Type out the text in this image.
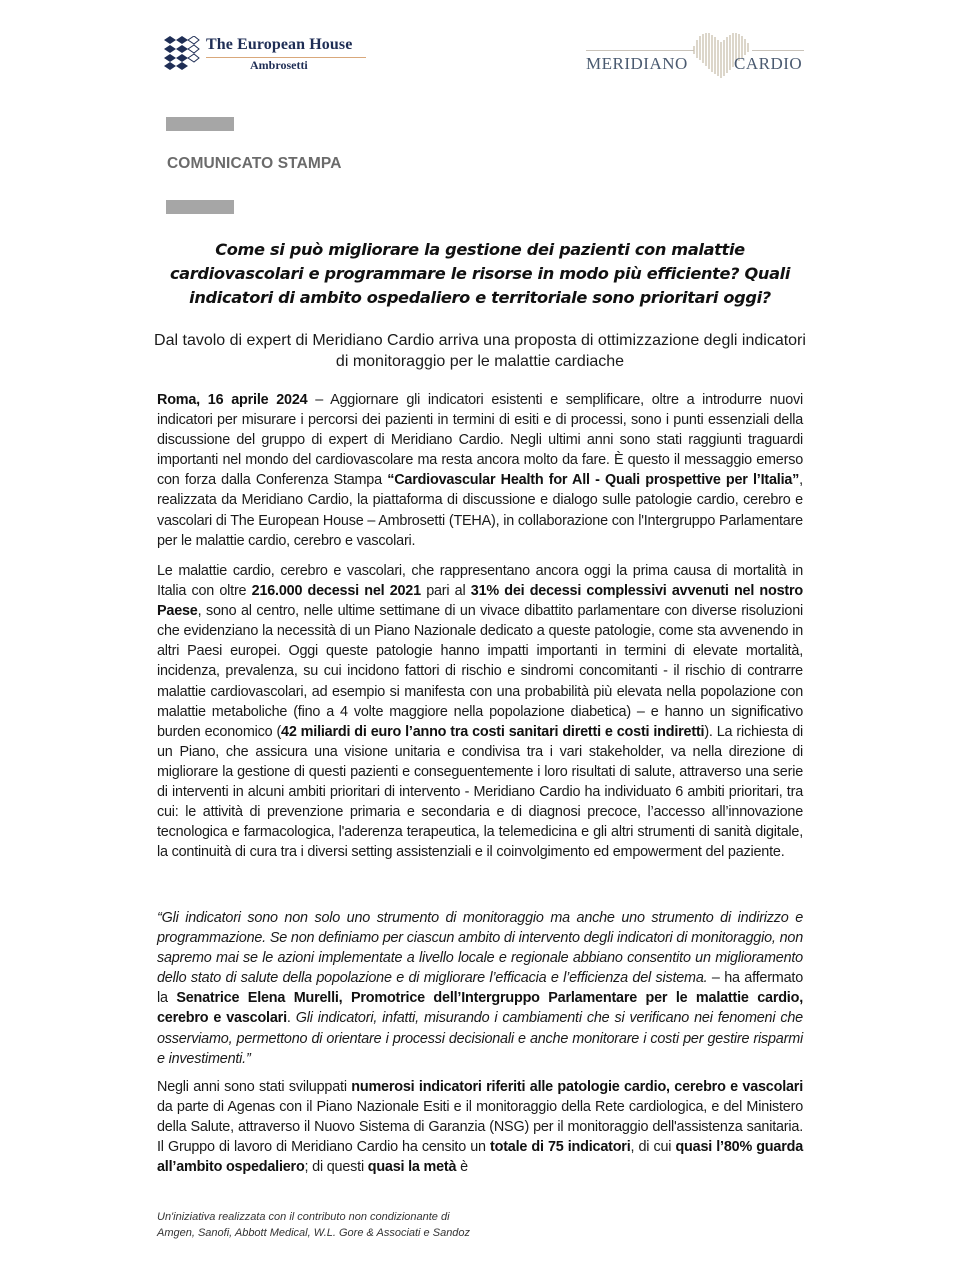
The European House
Ambrosetti	MERIDIANO	CARDIO
COMUNICATO STAMPA
Come si può migliorare la gestione dei pazienti con malattie cardiovascolari e programmare le risorse in modo più efficiente? Quali indicatori di ambito ospedaliero e territoriale sono prioritari oggi?
Dal tavolo di expert di Meridiano Cardio arriva una proposta di ottimizzazione degli indicatori di monitoraggio per le malattie cardiache
Roma, 16 aprile 2024 – Aggiornare gli indicatori esistenti e semplificare, oltre a introdurre nuovi indicatori per misurare i percorsi dei pazienti in termini di esiti e di processi, sono i punti essenziali della discussione del gruppo di expert di Meridiano Cardio. Negli ultimi anni sono stati raggiunti traguardi importanti nel mondo del cardiovascolare ma resta ancora molto da fare. È questo il messaggio emerso con forza dalla Conferenza Stampa “Cardiovascular Health for All - Quali prospettive per l’Italia”, realizzata da Meridiano Cardio, la piattaforma di discussione e dialogo sulle patologie cardio, cerebro e vascolari di The European House – Ambrosetti (TEHA), in collaborazione con l'Intergruppo Parlamentare per le malattie cardio, cerebro e vascolari.
Le malattie cardio, cerebro e vascolari, che rappresentano ancora oggi la prima causa di mortalità in Italia con oltre 216.000 decessi nel 2021 pari al 31% dei decessi complessivi avvenuti nel nostro Paese, sono al centro, nelle ultime settimane di un vivace dibattito parlamentare con diverse risoluzioni che evidenziano la necessità di un Piano Nazionale dedicato a queste patologie, come sta avvenendo in altri Paesi europei. Oggi queste patologie hanno impatti importanti in termini di elevate mortalità, incidenza, prevalenza, su cui incidono fattori di rischio e sindromi concomitanti - il rischio di contrarre malattie cardiovascolari, ad esempio si manifesta con una probabilità più elevata nella popolazione con malattie metaboliche (fino a 4 volte maggiore nella popolazione diabetica) – e hanno un significativo burden economico (42 miliardi di euro l’anno tra costi sanitari diretti e costi indiretti). La richiesta di un Piano, che assicura una visione unitaria e condivisa tra i vari stakeholder, va nella direzione di migliorare la gestione di questi pazienti e conseguentemente i loro risultati di salute, attraverso una serie di interventi in alcuni ambiti prioritari di intervento - Meridiano Cardio ha individuato 6 ambiti prioritari, tra cui: le attività di prevenzione primaria e secondaria e di diagnosi precoce, l’accesso all’innovazione tecnologica e farmacologica, l'aderenza terapeutica, la telemedicina e gli altri strumenti di sanità digitale, la continuità di cura tra i diversi setting assistenziali e il coinvolgimento ed empowerment del paziente.
“Gli indicatori sono non solo uno strumento di monitoraggio ma anche uno strumento di indirizzo e programmazione. Se non definiamo per ciascun ambito di intervento degli indicatori di monitoraggio, non sapremo mai se le azioni implementate a livello locale e regionale abbiano consentito un miglioramento dello stato di salute della popolazione e di migliorare l’efficacia e l’efficienza del sistema. – ha affermato la Senatrice Elena Murelli, Promotrice dell’Intergruppo Parlamentare per le malattie cardio, cerebro e vascolari. Gli indicatori, infatti, misurando i cambiamenti che si verificano nei fenomeni che osserviamo, permettono di orientare i processi decisionali e anche monitorare i costi per gestire risparmi e investimenti.”
Negli anni sono stati sviluppati numerosi indicatori riferiti alle patologie cardio, cerebro e vascolari da parte di Agenas con il Piano Nazionale Esiti e il monitoraggio della Rete cardiologica, e del Ministero della Salute, attraverso il Nuovo Sistema di Garanzia (NSG) per il monitoraggio dell'assistenza sanitaria. Il Gruppo di lavoro di Meridiano Cardio ha censito un totale di 75 indicatori, di cui quasi l’80% guarda all’ambito ospedaliero; di questi quasi la metà è
Un'iniziativa realizzata con il contributo non condizionante di
Amgen, Sanofi, Abbott Medical, W.L. Gore & Associati e Sandoz
